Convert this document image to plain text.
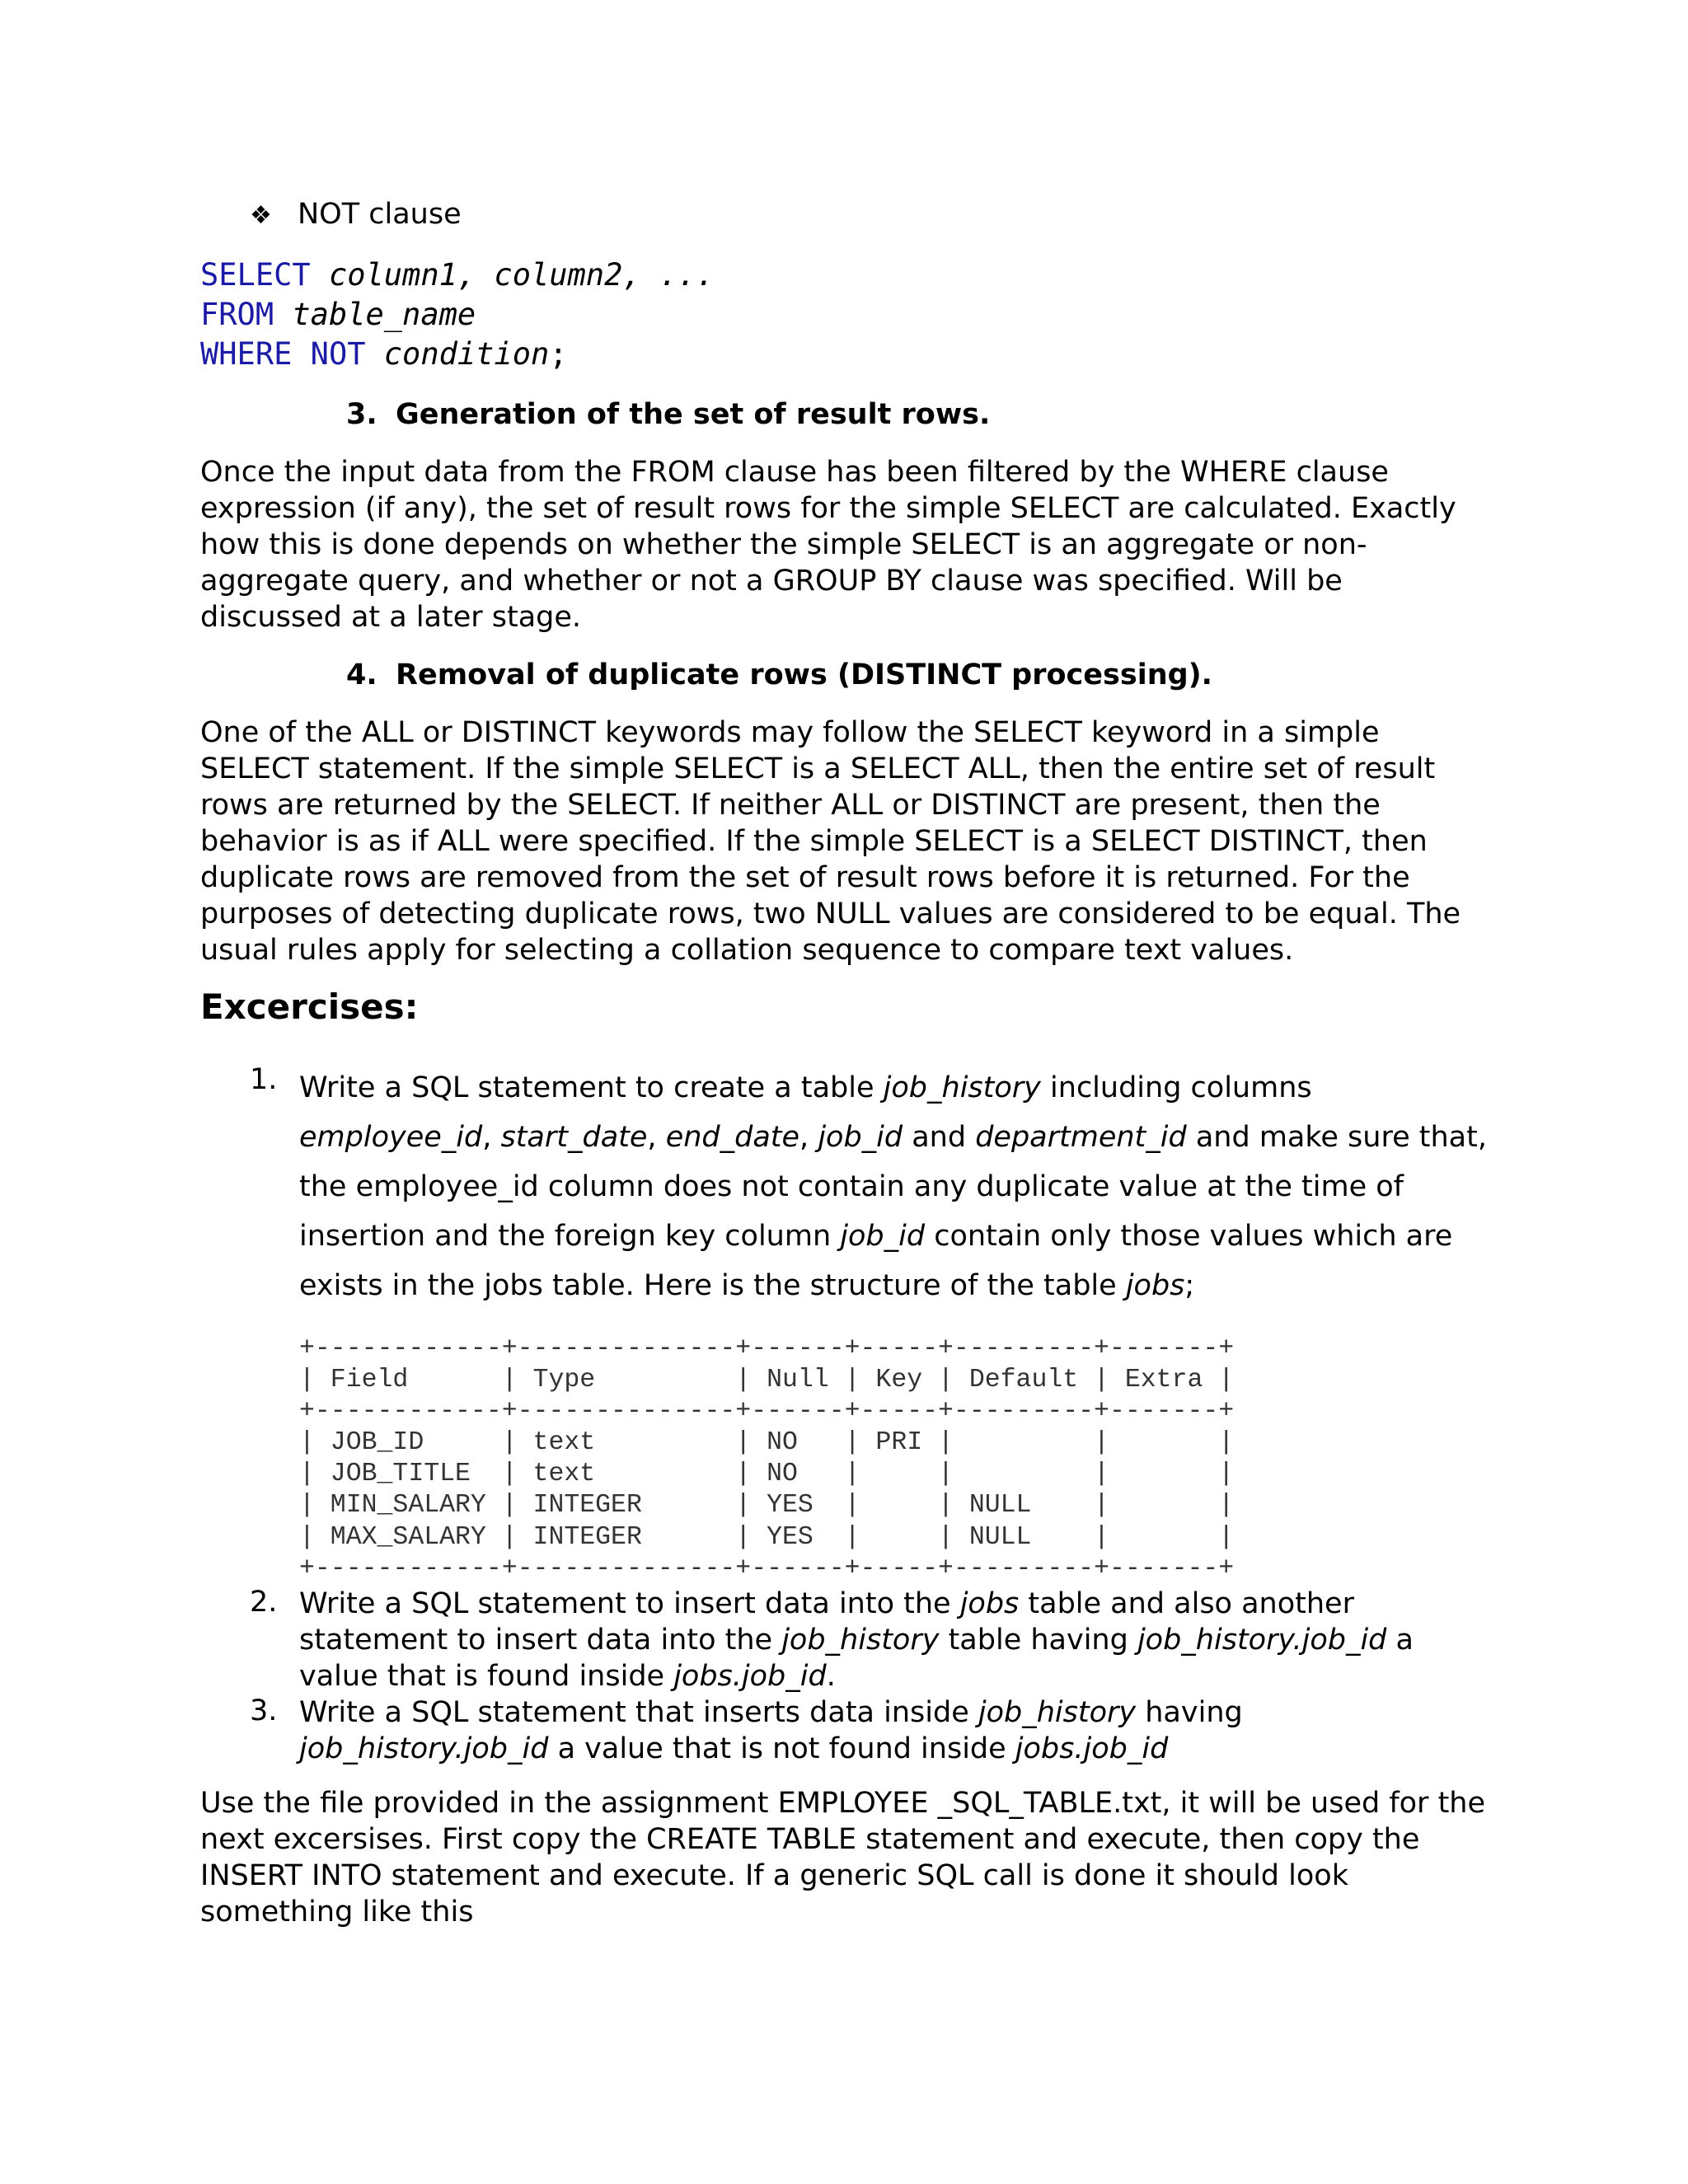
❖ NOT clause
SELECT column1, column2, ...
FROM table_name
WHERE NOT condition;
3. Generation of the set of result rows.
Once the input data from the FROM clause has been filtered by the WHERE clause expression (if any), the set of result rows for the simple SELECT are calculated. Exactly how this is done depends on whether the simple SELECT is an aggregate or non-aggregate query, and whether or not a GROUP BY clause was specified. Will be discussed at a later stage.
4. Removal of duplicate rows (DISTINCT processing).
One of the ALL or DISTINCT keywords may follow the SELECT keyword in a simple SELECT statement. If the simple SELECT is a SELECT ALL, then the entire set of result rows are returned by the SELECT. If neither ALL or DISTINCT are present, then the behavior is as if ALL were specified. If the simple SELECT is a SELECT DISTINCT, then duplicate rows are removed from the set of result rows before it is returned. For the purposes of detecting duplicate rows, two NULL values are considered to be equal. The usual rules apply for selecting a collation sequence to compare text values.
Excercises:
1. Write a SQL statement to create a table job_history including columns employee_id, start_date, end_date, job_id and department_id and make sure that, the employee_id column does not contain any duplicate value at the time of insertion and the foreign key column job_id contain only those values which are exists in the jobs table. Here is the structure of the table jobs;
+------------+--------------+------+-----+---------+-------+
| Field      | Type         | Null | Key | Default | Extra |
+------------+--------------+------+-----+---------+-------+
| JOB_ID     | text         | NO   | PRI |         |       |
| JOB_TITLE  | text         | NO   |     |         |       |
| MIN_SALARY | INTEGER      | YES  |     | NULL    |       |
| MAX_SALARY | INTEGER      | YES  |     | NULL    |       |
+------------+--------------+------+-----+---------+-------+
2. Write a SQL statement to insert data into the jobs table and also another statement to insert data into the job_history table having job_history.job_id a value that is found inside jobs.job_id.
3. Write a SQL statement that inserts data inside job_history having job_history.job_id a value that is not found inside jobs.job_id
Use the file provided in the assignment EMPLOYEE _SQL_TABLE.txt, it will be used for the next excersises. First copy the CREATE TABLE statement and execute, then copy the INSERT INTO statement and execute. If a generic SQL call is done it should look something like this
